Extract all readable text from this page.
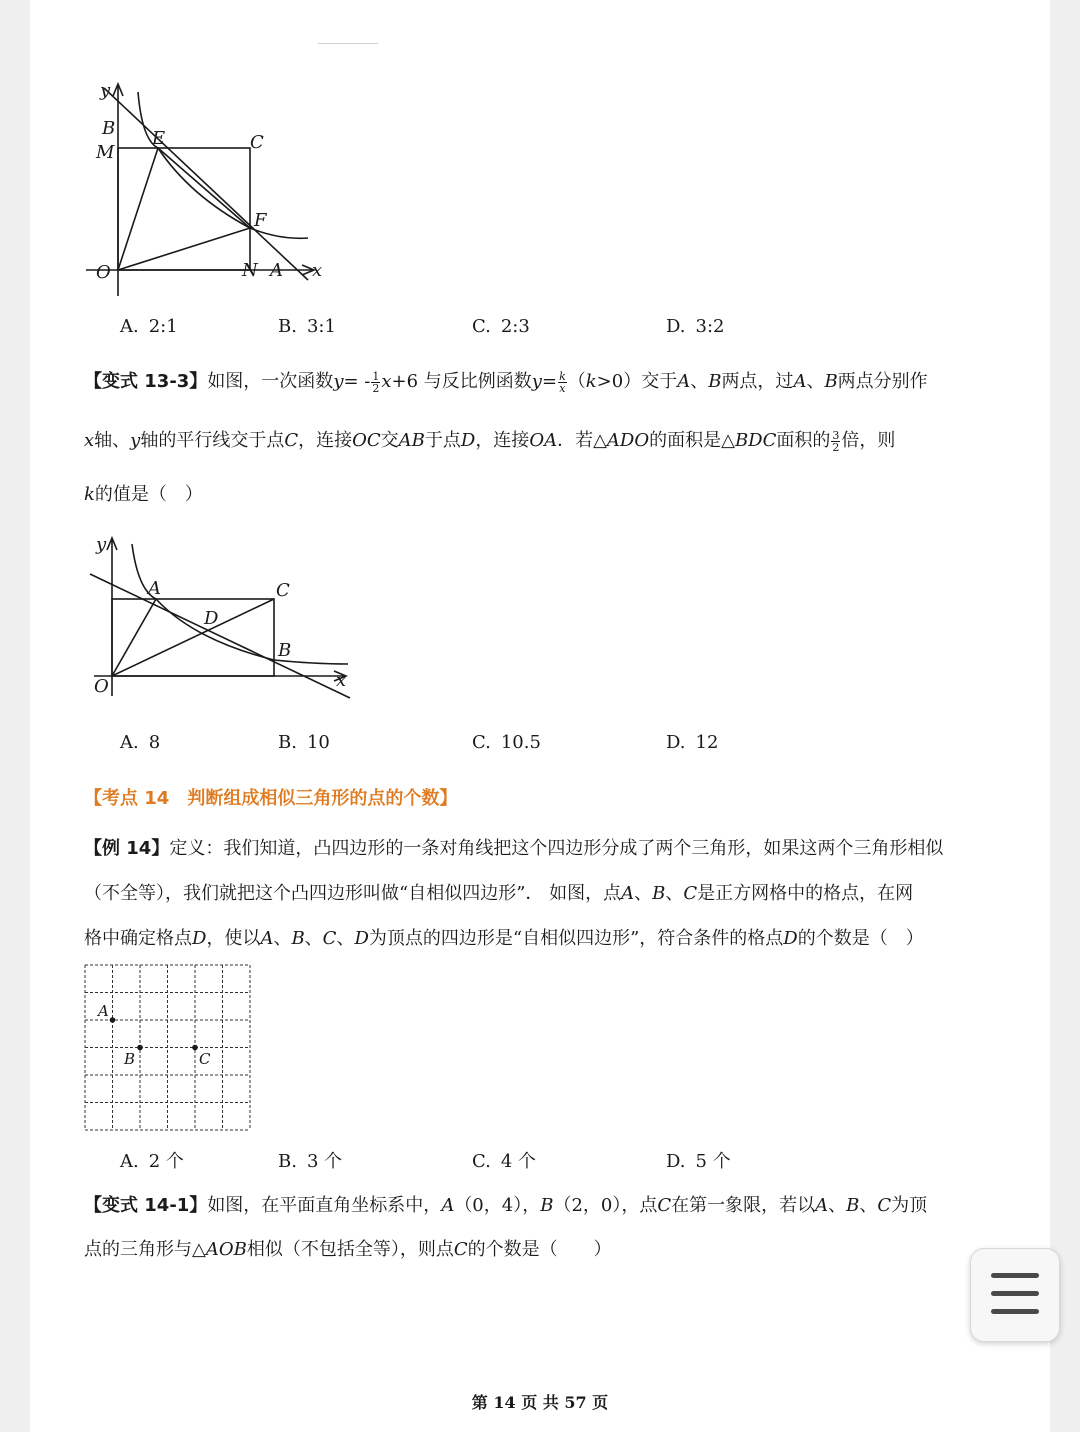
y
B E	C
M
F
O	N A x
A. 2:1	B. 3:1	C. 2:3	D. 3:2
【变式 13-3】如图，一次函数$y= - \frac{1}{2} x+6$ 与反比例函数$y= \frac{k}{x} (k>0)$交于A、B两点，过A、B两点分别作
x轴、y轴的平行线交于点C，连接OC交AB于点D，连接OA．若△ADO的面积是△BDC面积的 $\frac{3}{2}$ 倍，则
k的值是（　）
y
A	C
D
B
O	x
A. 8	B. 10	C. 10.5	D. 12
【考点 14　判断组成相似三角形的点的个数】
【例 14】定义：我们知道，凸四边形的一条对角线把这个四边形分成了两个三角形，如果这两个三角形相似
（不全等），我们就把这个凸四边形叫做“自相似四边形”． 如图，点A、B、C是正方网格中的格点，在网
格中确定格点D，使以A、B、C、D为顶点的四边形是“自相似四边形”，符合条件的格点D的个数是（　）
A
B	C
A. 2 个	B. 3 个	C. 4 个	D. 5 个
【变式 14-1】如图，在平面直角坐标系中，A（0，4），B（2，0），点C在第一象限，若以A、B、C为顶
点的三角形与△AOB相似（不包括全等），则点C的个数是（　　）
第 14 页 共 57 页
